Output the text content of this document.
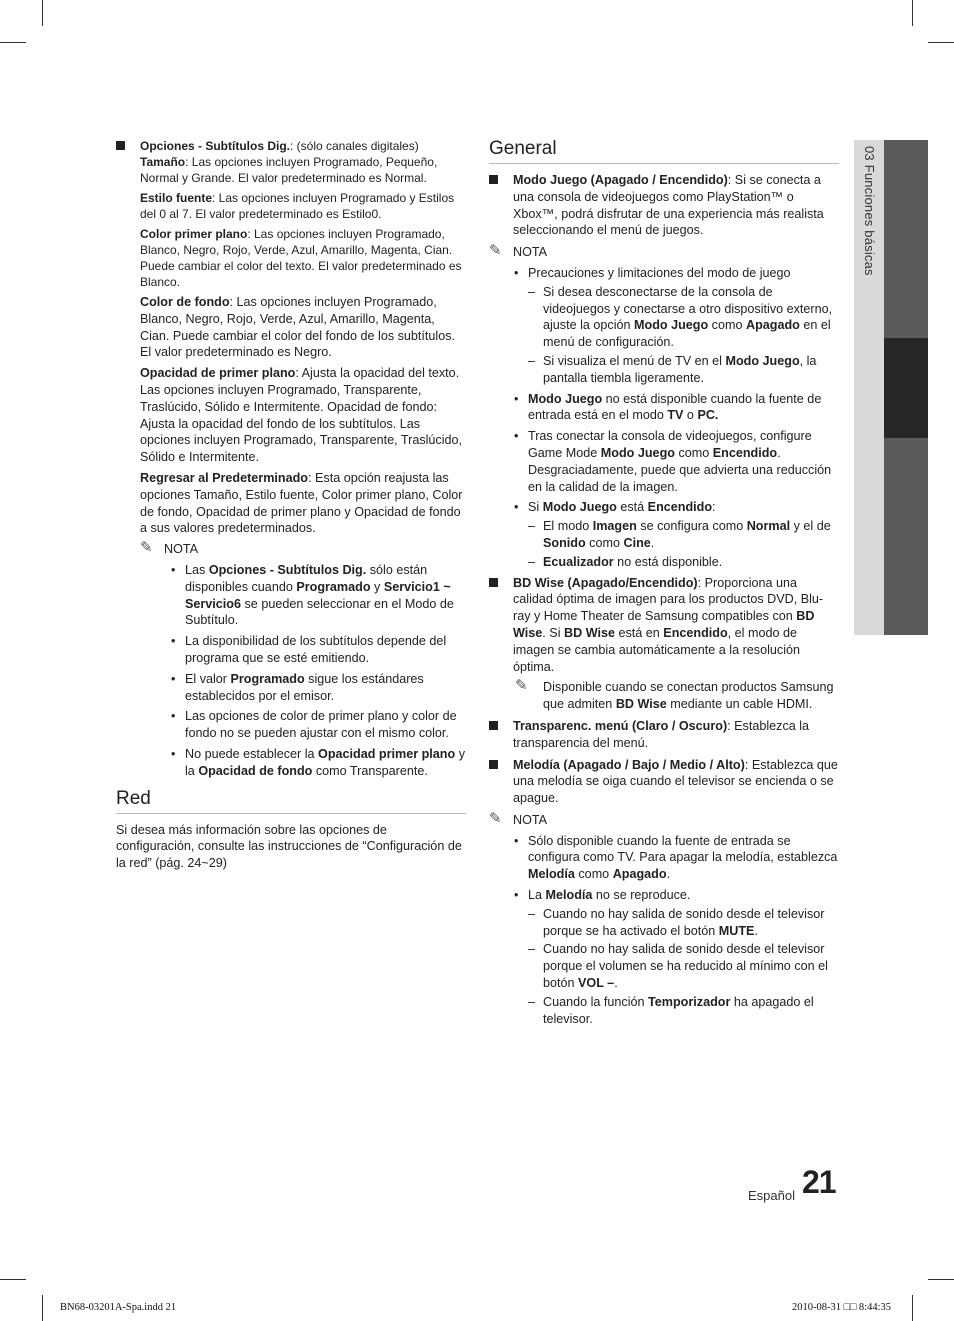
03 Funciones básicas
Opciones - Subtítulos Dig.: (sólo canales digitales)
Tamaño: Las opciones incluyen Programado, Pequeño, Normal y Grande. El valor predeterminado es Normal.
Estilo fuente: Las opciones incluyen Programado y Estilos del 0 al 7. El valor predeterminado es Estilo0.
Color primer plano: Las opciones incluyen Programado, Blanco, Negro, Rojo, Verde, Azul, Amarillo, Magenta, Cian. Puede cambiar el color del texto. El valor predeterminado es Blanco.
Color de fondo: Las opciones incluyen Programado, Blanco, Negro, Rojo, Verde, Azul, Amarillo, Magenta, Cian. Puede cambiar el color del fondo de los subtítulos. El valor predeterminado es Negro.
Opacidad de primer plano: Ajusta la opacidad del texto. Las opciones incluyen Programado, Transparente, Traslúcido, Sólido e Intermitente. Opacidad de fondo: Ajusta la opacidad del fondo de los subtítulos. Las opciones incluyen Programado, Transparente, Traslúcido, Sólido e Intermitente.
Regresar al Predeterminado: Esta opción reajusta las opciones Tamaño, Estilo fuente, Color primer plano, Color de fondo, Opacidad de primer plano y Opacidad de fondo a sus valores predeterminados.
✎ NOTA
• Las Opciones - Subtítulos Dig. sólo están disponibles cuando Programado y Servicio1 ~ Servicio6 se pueden seleccionar en el Modo de Subtítulo.
• La disponibilidad de los subtítulos depende del programa que se esté emitiendo.
• El valor Programado sigue los estándares establecidos por el emisor.
• Las opciones de color de primer plano y color de fondo no se pueden ajustar con el mismo color.
• No puede establecer la Opacidad primer plano y la Opacidad de fondo como Transparente.
Red
Si desea más información sobre las opciones de configuración, consulte las instrucciones de “Configuración de la red” (pág. 24~29)
General
Modo Juego (Apagado / Encendido): Si se conecta a una consola de videojuegos como PlayStation™ o Xbox™, podrá disfrutar de una experiencia más realista seleccionando el menú de juegos.
✎ NOTA
• Precauciones y limitaciones del modo de juego
– Si desea desconectarse de la consola de videojuegos y conectarse a otro dispositivo externo, ajuste la opción Modo Juego como Apagado en el menú de configuración.
– Si visualiza el menú de TV en el Modo Juego, la pantalla tiembla ligeramente.
• Modo Juego no está disponible cuando la fuente de entrada está en el modo TV o PC.
• Tras conectar la consola de videojuegos, configure Game Mode Modo Juego como Encendido. Desgraciadamente, puede que advierta una reducción en la calidad de la imagen.
• Si Modo Juego está Encendido:
– El modo Imagen se configura como Normal y el de Sonido como Cine.
– Ecualizador no está disponible.
BD Wise (Apagado/Encendido): Proporciona una calidad óptima de imagen para los productos DVD, Blu-ray y Home Theater de Samsung compatibles con BD Wise. Si BD Wise está en Encendido, el modo de imagen se cambia automáticamente a la resolución óptima.
✎ Disponible cuando se conectan productos Samsung que admiten BD Wise mediante un cable HDMI.
Transparenc. menú (Claro / Oscuro): Establezca la transparencia del menú.
Melodía (Apagado / Bajo / Medio / Alto): Establezca que una melodía se oiga cuando el televisor se encienda o se apague.
✎ NOTA
• Sólo disponible cuando la fuente de entrada se configura como TV. Para apagar la melodía, establezca Melodía como Apagado.
• La Melodía no se reproduce.
– Cuando no hay salida de sonido desde el televisor porque se ha activado el botón MUTE.
– Cuando no hay salida de sonido desde el televisor porque el volumen se ha reducido al mínimo con el botón VOL –.
– Cuando la función Temporizador ha apagado el televisor.
Español 21
BN68-03201A-Spa.indd 21	2010-08-31 □□ 8:44:35
